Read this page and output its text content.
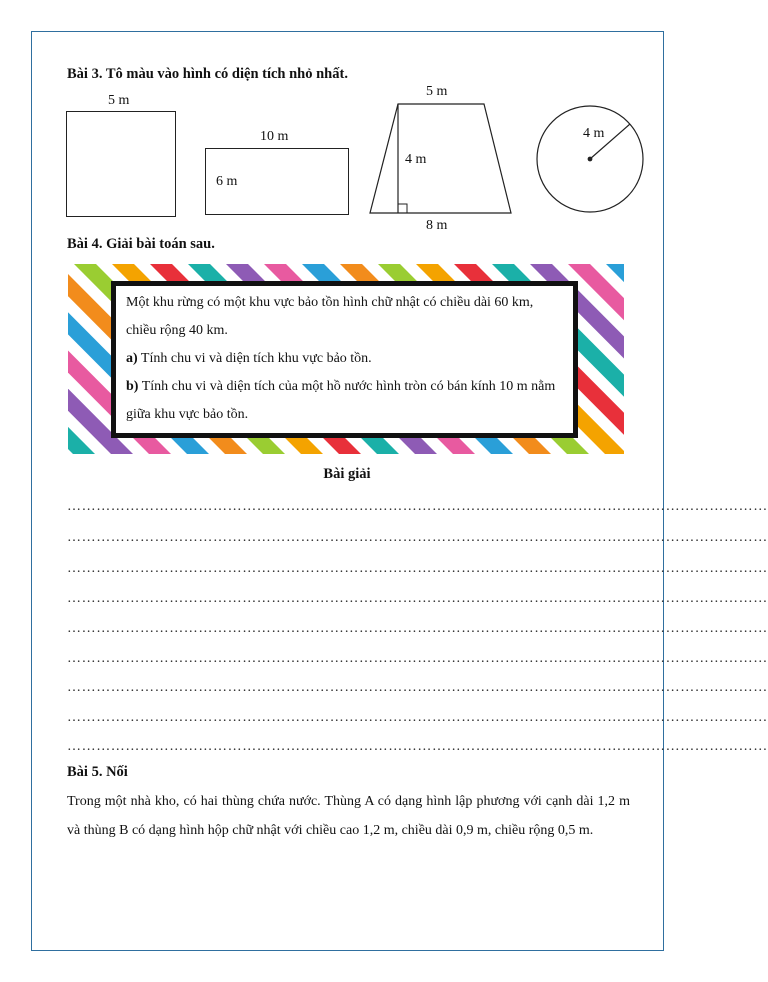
Bài 3. Tô màu vào hình có diện tích nhỏ nhất.
5 m
10 m
6 m
5 m
4 m
8 m
4 m
Bài 4. Giải bài toán sau.
Một khu rừng có một khu vực bảo tồn hình chữ nhật có chiều dài 60 km, chiều rộng 40 km.
a) Tính chu vi và diện tích khu vực bảo tồn.
b) Tính chu vi và diện tích của một hồ nước hình tròn có bán kính 10 m nằm giữa khu vực bảo tồn.
Bài giải
………………………………………………………………………………………………………………………………
………………………………………………………………………………………………………………………………
………………………………………………………………………………………………………………………………
………………………………………………………………………………………………………………………………
………………………………………………………………………………………………………………………………
………………………………………………………………………………………………………………………………
………………………………………………………………………………………………………………………………
………………………………………………………………………………………………………………………………
………………………………………………………………………………………………………………………………
Bài 5. Nối
Trong một nhà kho, có hai thùng chứa nước. Thùng A có dạng hình lập phương với cạnh dài 1,2 m và thùng B có dạng hình hộp chữ nhật với chiều cao 1,2 m, chiều dài 0,9 m, chiều rộng 0,5 m.
